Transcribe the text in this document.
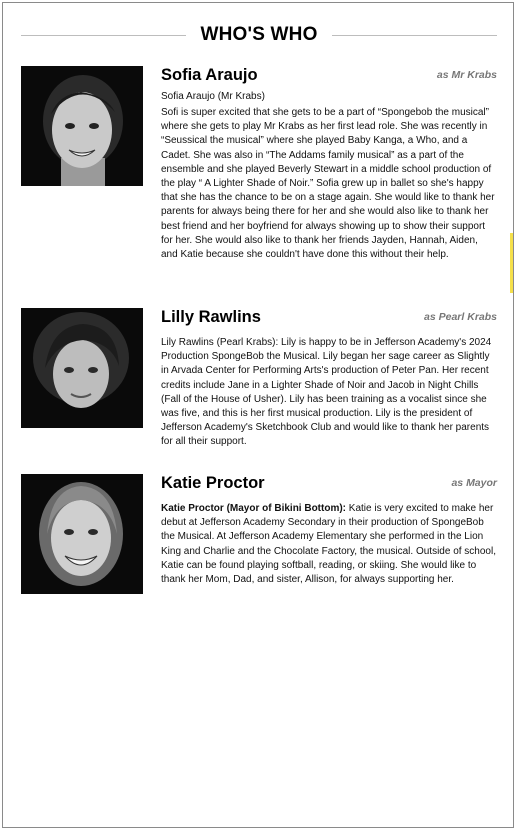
WHO'S WHO
Sofia Araujo	as Mr Krabs
Sofia Araujo (Mr Krabs)
Sofi is super excited that she gets to be a part of “Spongebob the musical” where she gets to play Mr Krabs as her first lead role. She was recently in “Seussical the musical” where she played Baby Kanga, a Who, and a Cadet. She was also in “The Addams family musical” as a part of the ensemble and she played Beverly Stewart in a middle school production of the play “ A Lighter Shade of Noir.” Sofia grew up in ballet so she's happy that she has the chance to be on a stage again. She would like to thank her parents for always being there for her and she would also like to thank her best friend and her boyfriend for always showing up to show their support for her. She would also like to thank her friends Jayden, Hannah, Aiden, and Katie because she couldn't have done this without their help.
Lilly Rawlins	as Pearl Krabs
Lily Rawlins (Pearl Krabs): Lily is happy to be in Jefferson Academy's 2024 Production SpongeBob the Musical. Lily began her sage career as Slightly in Arvada Center for Performing Arts's production of Peter Pan. Her recent credits include Jane in a Lighter Shade of Noir and Jacob in Night Chills (Fall of the House of Usher). Lily has been training as a vocalist since she was five, and this is her first musical production. Lily is the president of Jefferson Academy's Sketchbook Club and would like to thank her parents for all their support.
Katie Proctor	as Mayor
Katie Proctor (Mayor of Bikini Bottom): Katie is very excited to make her debut at Jefferson Academy Secondary in their production of SpongeBob the Musical. At Jefferson Academy Elementary she performed in the Lion King and Charlie and the Chocolate Factory, the musical. Outside of school, Katie can be found playing softball, reading, or skiing. She would like to thank her Mom, Dad, and sister, Allison, for always supporting her.
